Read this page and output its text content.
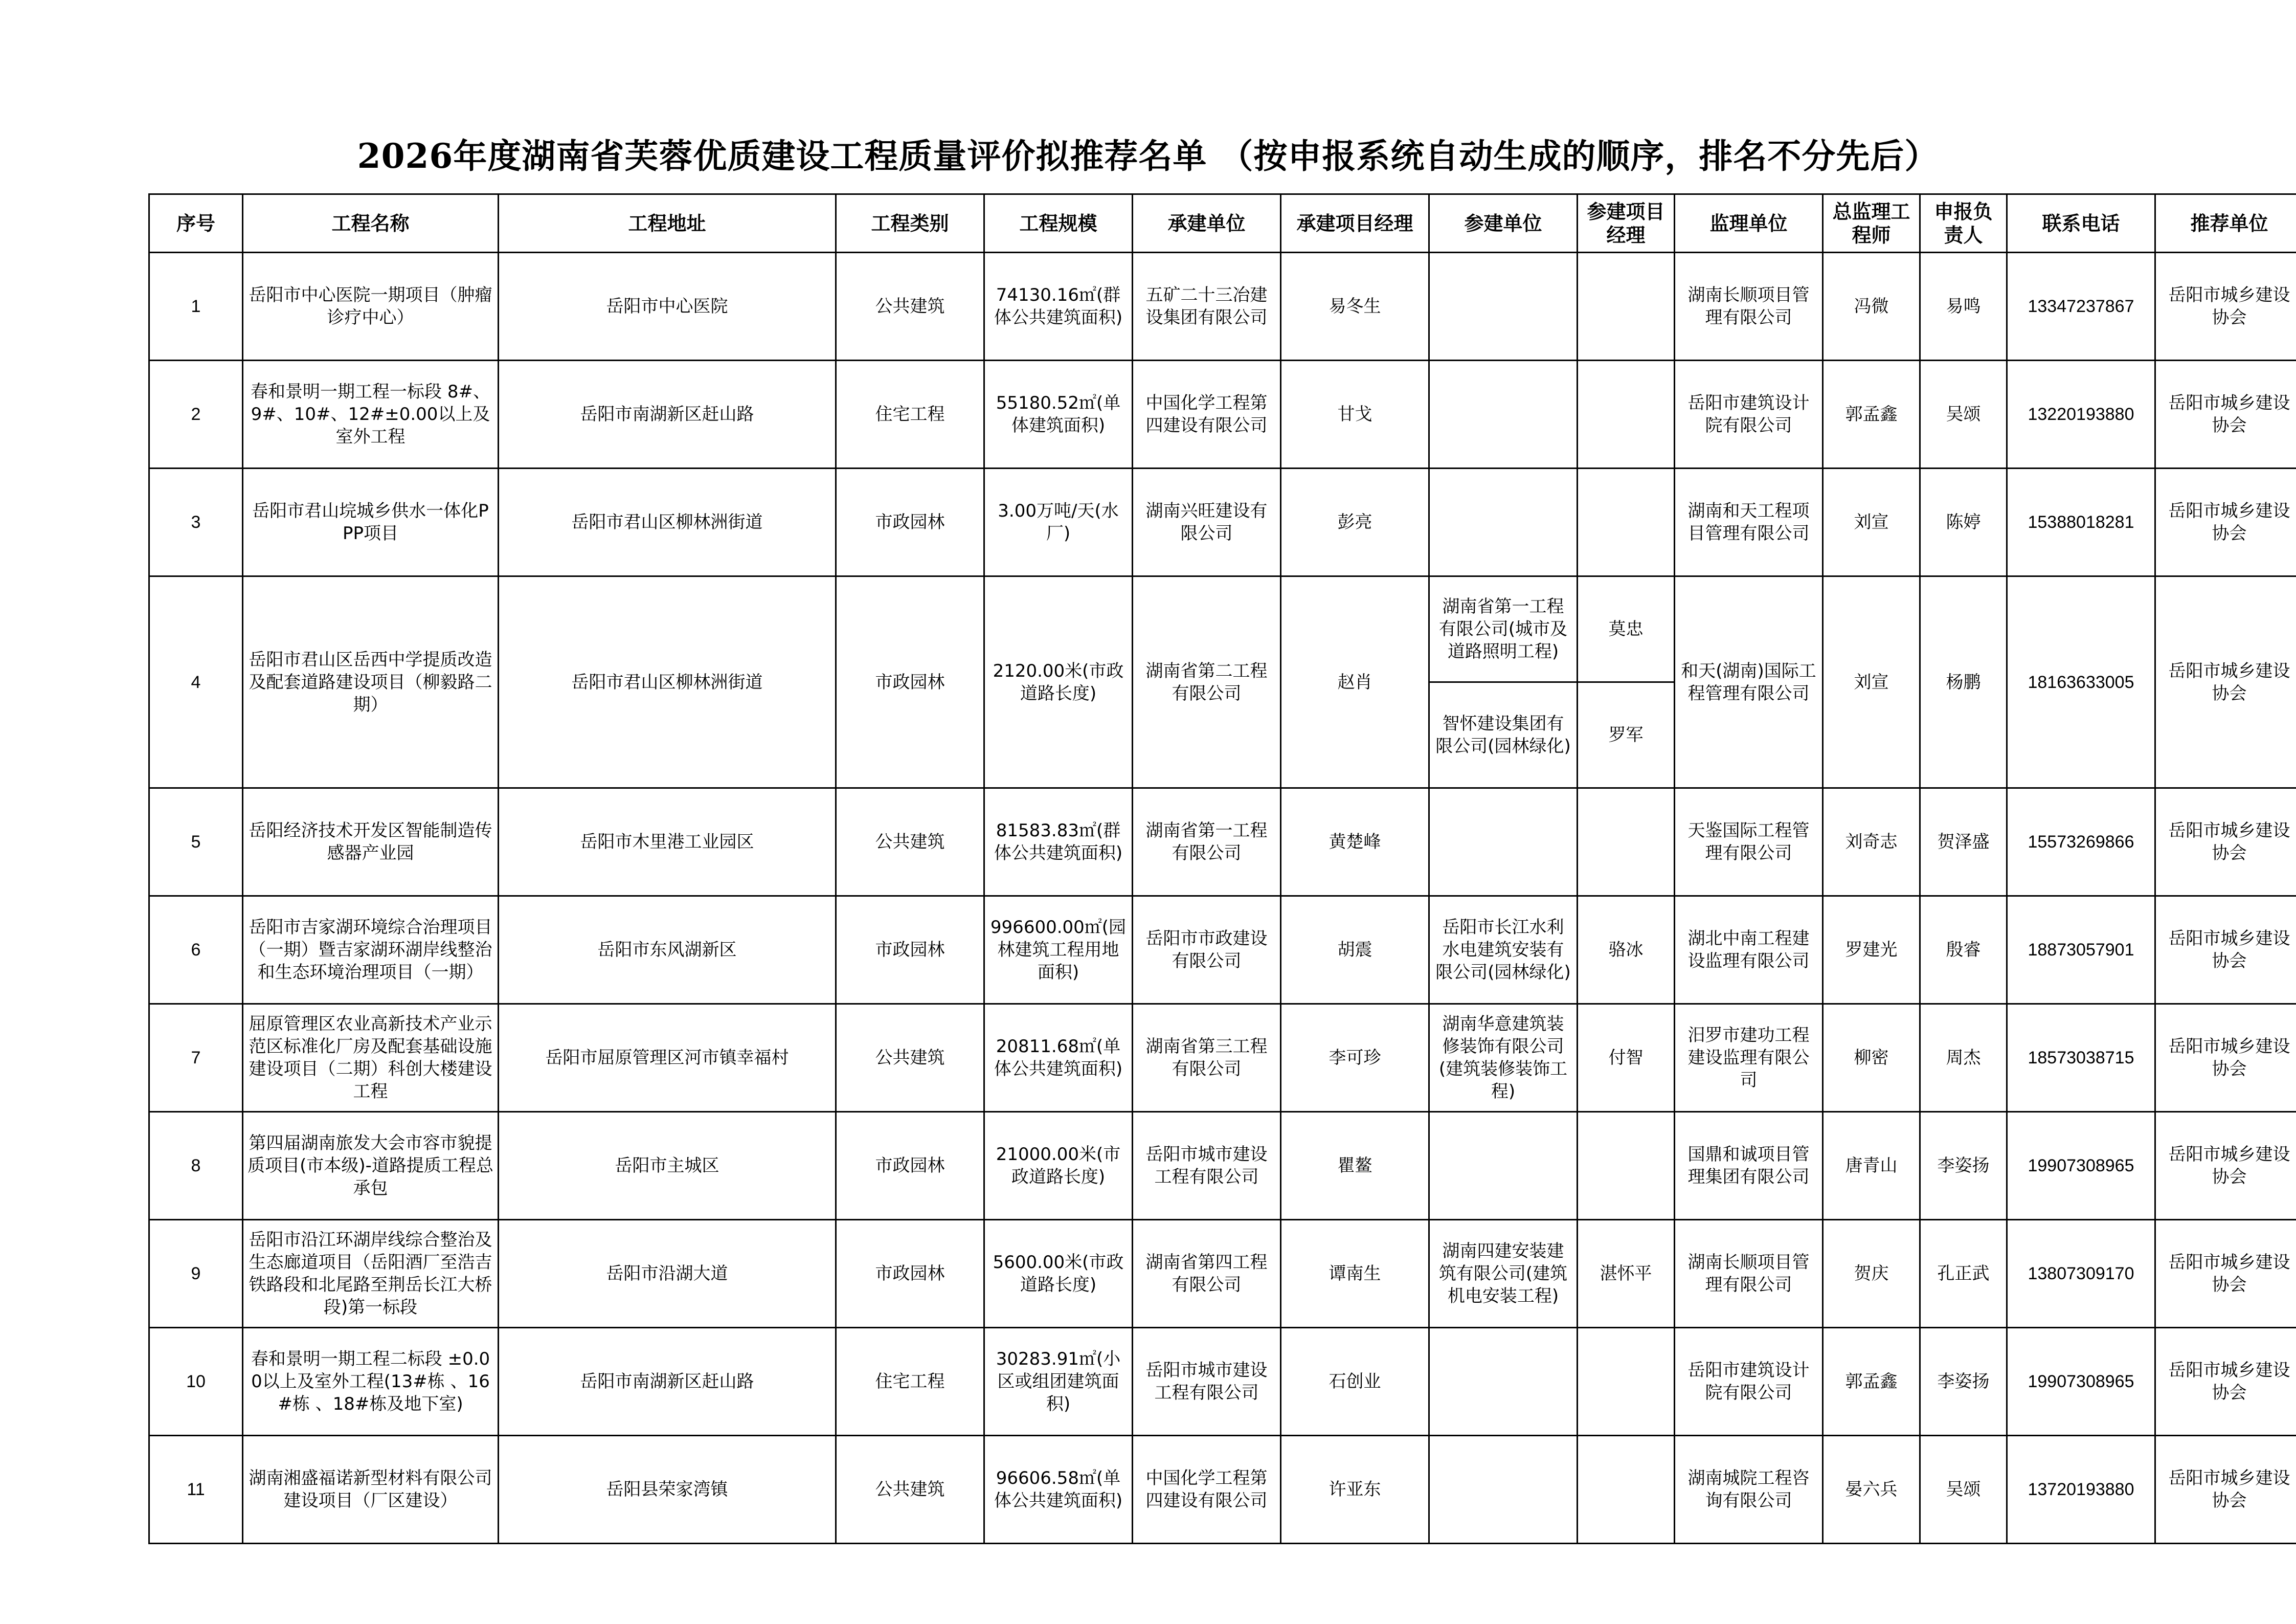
2026年度湖南省芙蓉优质建设工程质量评价拟推荐名单 （按申报系统自动生成的顺序，排名不分先后）
序号	工程名称	工程地址	工程类别	工程规模	承建单位	承建项目经理	参建单位	参建项目经理	监理单位	总监理工程师	申报负责人	联系电话	推荐单位
1	岳阳市中心医院一期项目（肿瘤诊疗中心）	岳阳市中心医院	公共建筑	74130.16㎡(群体公共建筑面积)	五矿二十三冶建设集团有限公司	易冬生			湖南长顺项目管理有限公司	冯微	易鸣	13347237867	岳阳市城乡建设协会
2	春和景明一期工程一标段 8#、9#、10#、12#±0.00以上及室外工程	岳阳市南湖新区赶山路	住宅工程	55180.52㎡(单体建筑面积)	中国化学工程第四建设有限公司	甘戈			岳阳市建筑设计院有限公司	郭孟鑫	吴颂	13220193880	岳阳市城乡建设协会
3	岳阳市君山垸城乡供水一体化PPP项目	岳阳市君山区柳林洲街道	市政园林	3.00万吨/天(水厂)	湖南兴旺建设有限公司	彭亮			湖南和天工程项目管理有限公司	刘宣	陈婷	15388018281	岳阳市城乡建设协会
4	岳阳市君山区岳西中学提质改造及配套道路建设项目（柳毅路二期）	岳阳市君山区柳林洲街道	市政园林	2120.00米(市政道路长度)	湖南省第二工程有限公司	赵肖	湖南省第一工程有限公司(城市及道路照明工程)	莫忠	和天(湖南)国际工程管理有限公司	刘宣	杨鹏	18163633005	岳阳市城乡建设协会
							智怀建设集团有限公司(园林绿化)	罗军					
5	岳阳经济技术开发区智能制造传感器产业园	岳阳市木里港工业园区	公共建筑	81583.83㎡(群体公共建筑面积)	湖南省第一工程有限公司	黄楚峰			天鉴国际工程管理有限公司	刘奇志	贺泽盛	15573269866	岳阳市城乡建设协会
6	岳阳市吉家湖环境综合治理项目（一期）暨吉家湖环湖岸线整治和生态环境治理项目（一期）	岳阳市东风湖新区	市政园林	996600.00㎡(园林建筑工程用地面积)	岳阳市市政建设有限公司	胡震	岳阳市长江水利水电建筑安装有限公司(园林绿化)	骆冰	湖北中南工程建设监理有限公司	罗建光	殷睿	18873057901	岳阳市城乡建设协会
7	屈原管理区农业高新技术产业示范区标准化厂房及配套基础设施建设项目（二期）科创大楼建设工程	岳阳市屈原管理区河市镇幸福村	公共建筑	20811.68㎡(单体公共建筑面积)	湖南省第三工程有限公司	李可珍	湖南华意建筑装修装饰有限公司(建筑装修装饰工程)	付智	汨罗市建功工程建设监理有限公司	柳密	周杰	18573038715	岳阳市城乡建设协会
8	第四届湖南旅发大会市容市貌提质项目(市本级)-道路提质工程总承包	岳阳市主城区	市政园林	21000.00米(市政道路长度)	岳阳市城市建设工程有限公司	瞿鳌			国鼎和诚项目管理集团有限公司	唐青山	李姿扬	19907308965	岳阳市城乡建设协会
9	岳阳市沿江环湖岸线综合整治及生态廊道项目（岳阳酒厂至浩吉铁路段和北尾路至荆岳长江大桥段)第一标段	岳阳市沿湖大道	市政园林	5600.00米(市政道路长度)	湖南省第四工程有限公司	谭南生	湖南四建安装建筑有限公司(建筑机电安装工程)	湛怀平	湖南长顺项目管理有限公司	贺庆	孔正武	13807309170	岳阳市城乡建设协会
10	春和景明一期工程二标段 ±0.00以上及室外工程(13#栋 、16#栋 、18#栋及地下室)	岳阳市南湖新区赶山路	住宅工程	30283.91㎡(小区或组团建筑面积)	岳阳市城市建设工程有限公司	石创业			岳阳市建筑设计院有限公司	郭孟鑫	李姿扬	19907308965	岳阳市城乡建设协会
11	湖南湘盛福诺新型材料有限公司建设项目（厂区建设）	岳阳县荣家湾镇	公共建筑	96606.58㎡(单体公共建筑面积)	中国化学工程第四建设有限公司	许亚东			湖南城院工程咨询有限公司	晏六兵	吴颂	13720193880	岳阳市城乡建设协会
